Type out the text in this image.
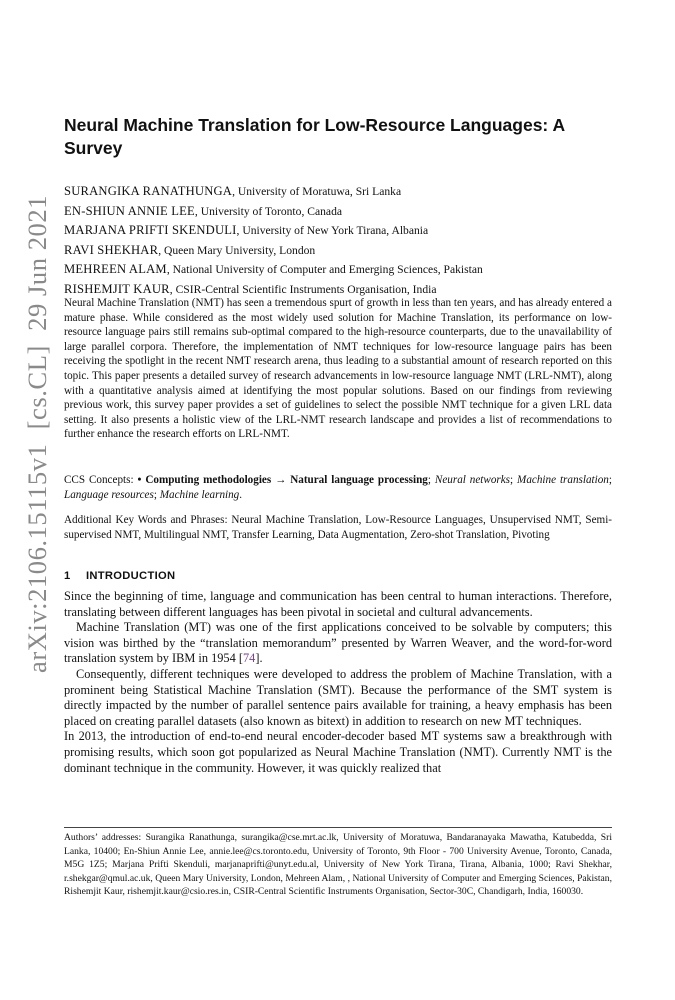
arXiv:2106.15115v1  [cs.CL]  29 Jun 2021
Neural Machine Translation for Low-Resource Languages: A Survey
SURANGIKA RANATHUNGA, University of Moratuwa, Sri Lanka
EN-SHIUN ANNIE LEE, University of Toronto, Canada
MARJANA PRIFTI SKENDULI, University of New York Tirana, Albania
RAVI SHEKHAR, Queen Mary University, London
MEHREEN ALAM, National University of Computer and Emerging Sciences, Pakistan
RISHEMJIT KAUR, CSIR-Central Scientific Instruments Organisation, India

Neural Machine Translation (NMT) has seen a tremendous spurt of growth in less than ten years, and has already entered a mature phase. While considered as the most widely used solution for Machine Translation, its performance on low-resource language pairs still remains sub-optimal compared to the high-resource counterparts, due to the unavailability of large parallel corpora. Therefore, the implementation of NMT techniques for low-resource language pairs has been receiving the spotlight in the recent NMT research arena, thus leading to a substantial amount of research reported on this topic. This paper presents a detailed survey of research advancements in low-resource language NMT (LRL-NMT), along with a quantitative analysis aimed at identifying the most popular solutions. Based on our findings from reviewing previous work, this survey paper provides a set of guidelines to select the possible NMT technique for a given LRL data setting. It also presents a holistic view of the LRL-NMT research landscape and provides a list of recommendations to further enhance the research efforts on LRL-NMT.

CCS Concepts: • Computing methodologies → Natural language processing; Neural networks; Machine translation; Language resources; Machine learning.

Additional Key Words and Phrases: Neural Machine Translation, Low-Resource Languages, Unsupervised NMT, Semi-supervised NMT, Multilingual NMT, Transfer Learning, Data Augmentation, Zero-shot Translation, Pivoting

1 INTRODUCTION

Since the beginning of time, language and communication has been central to human interactions. Therefore, translating between different languages has been pivotal in societal and cultural advancements.

Machine Translation (MT) was one of the first applications conceived to be solvable by computers; this vision was birthed by the “translation memorandum” presented by Warren Weaver, and the word-for-word translation system by IBM in 1954 [74].

Consequently, different techniques were developed to address the problem of Machine Translation, with a prominent being Statistical Machine Translation (SMT). Because the performance of the SMT system is directly impacted by the number of parallel sentence pairs available for training, a heavy emphasis has been placed on creating parallel datasets (also known as bitext) in addition to research on new MT techniques.

In 2013, the introduction of end-to-end neural encoder-decoder based MT systems saw a breakthrough with promising results, which soon got popularized as Neural Machine Translation (NMT). Currently NMT is the dominant technique in the community. However, it was quickly realized that

Authors’ addresses: Surangika Ranathunga, surangika@cse.mrt.ac.lk, University of Moratuwa, Bandaranayaka Mawatha, Katubedda, Sri Lanka, 10400; En-Shiun Annie Lee, annie.lee@cs.toronto.edu, University of Toronto, 9th Floor - 700 University Avenue, Toronto, Canada, M5G 1Z5; Marjana Prifti Skenduli, marjanaprifti@unyt.edu.al, University of New York Tirana, Tirana, Albania, 1000; Ravi Shekhar, r.shekgar@qmul.ac.uk, Queen Mary University, London, Mehreen Alam, , National University of Computer and Emerging Sciences, Pakistan, Rishemjit Kaur, rishemjit.kaur@csio.res.in, CSIR-Central Scientific Instruments Organisation, Sector-30C, Chandigarh, India, 160030.
